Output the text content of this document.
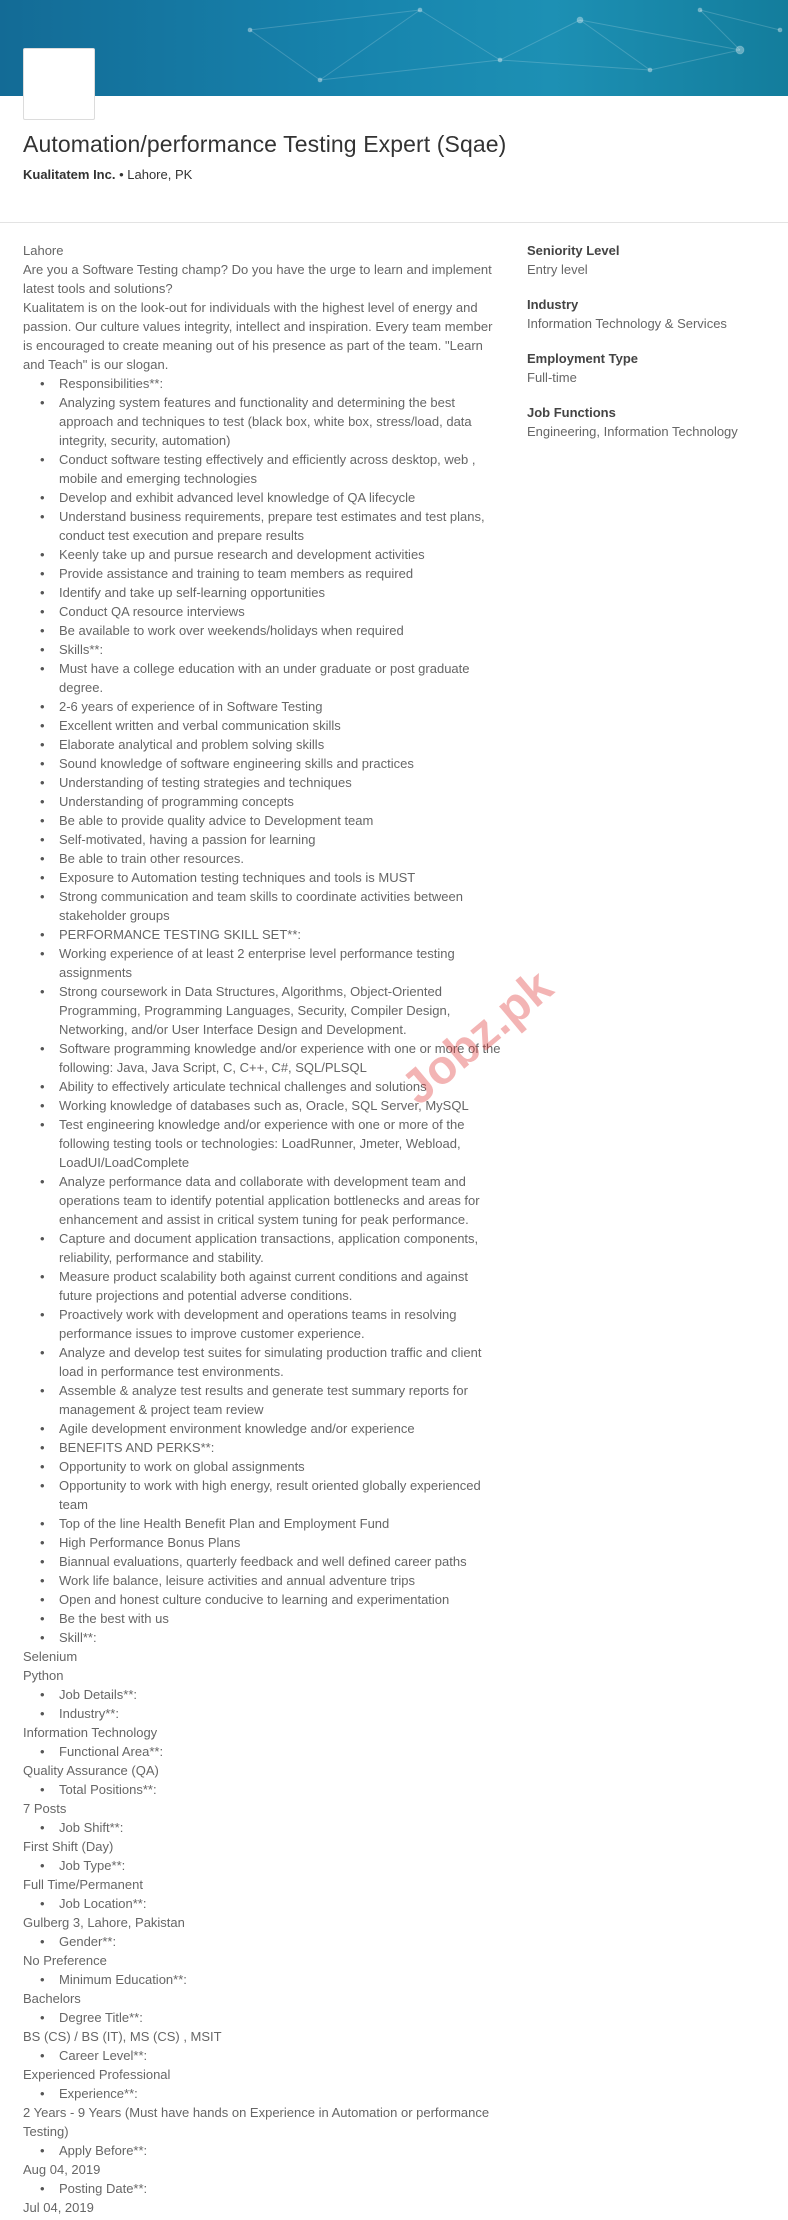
Automation/performance Testing Expert (Sqae)
Kualitatem Inc. • Lahore, PK

Lahore

Are you a Software Testing champ? Do you have the urge to learn and implement latest tools and solutions?

Kualitatem is on the look-out for individuals with the highest level of energy and passion. Our culture values integrity, intellect and inspiration. Every team member is encouraged to create meaning out of his presence as part of the team. "Learn and Teach" is our slogan.

•	Responsibilities**:
•	Analyzing system features and functionality and determining the best approach and techniques to test (black box, white box, stress/load, data integrity, security, automation)
•	Conduct software testing effectively and efficiently across desktop, web , mobile and emerging technologies
•	Develop and exhibit advanced level knowledge of QA lifecycle
•	Understand business requirements, prepare test estimates and test plans, conduct test execution and prepare results
•	Keenly take up and pursue research and development activities
•	Provide assistance and training to team members as required
•	Identify and take up self-learning opportunities
•	Conduct QA resource interviews
•	Be available to work over weekends/holidays when required
•	Skills**:
•	Must have a college education with an under graduate or post graduate degree.
•	2-6 years of experience of in Software Testing
•	Excellent written and verbal communication skills
•	Elaborate analytical and problem solving skills
•	Sound knowledge of software engineering skills and practices
•	Understanding of testing strategies and techniques
•	Understanding of programming concepts
•	Be able to provide quality advice to Development team
•	Self-motivated, having a passion for learning
•	Be able to train other resources.
•	Exposure to Automation testing techniques and tools is MUST
•	Strong communication and team skills to coordinate activities between stakeholder groups
•	PERFORMANCE TESTING SKILL SET**:
•	Working experience of at least 2 enterprise level performance testing assignments
•	Strong coursework in Data Structures, Algorithms, Object-Oriented Programming, Programming Languages, Security, Compiler Design, Networking, and/or User Interface Design and Development.
•	Software programming knowledge and/or experience with one or more of the following: Java, Java Script, C, C++, C#, SQL/PLSQL
•	Ability to effectively articulate technical challenges and solutions
•	Working knowledge of databases such as, Oracle, SQL Server, MySQL
•	Test engineering knowledge and/or experience with one or more of the following testing tools or technologies: LoadRunner, Jmeter, Webload, LoadUI/LoadComplete
•	Analyze performance data and collaborate with development team and operations team to identify potential application bottlenecks and areas for enhancement and assist in critical system tuning for peak performance.
•	Capture and document application transactions, application components, reliability, performance and stability.
•	Measure product scalability both against current conditions and against future projections and potential adverse conditions.
•	Proactively work with development and operations teams in resolving performance issues to improve customer experience.
•	Analyze and develop test suites for simulating production traffic and client load in performance test environments.
•	Assemble & analyze test results and generate test summary reports for management & project team review
•	Agile development environment knowledge and/or experience
•	BENEFITS AND PERKS**:
•	Opportunity to work on global assignments
•	Opportunity to work with high energy, result oriented globally experienced team
•	Top of the line Health Benefit Plan and Employment Fund
•	High Performance Bonus Plans
•	Biannual evaluations, quarterly feedback and well defined career paths
•	Work life balance, leisure activities and annual adventure trips
•	Open and honest culture conducive to learning and experimentation
•	Be the best with us
•	Skill**:

Selenium

Python

•	Job Details**:
•	Industry**:

Information Technology

•	Functional Area**:

Quality Assurance (QA)

•	Total Positions**:

7 Posts

•	Job Shift**:

First Shift (Day)

•	Job Type**:

Full Time/Permanent

•	Job Location**:

Gulberg 3, Lahore, Pakistan

•	Gender**:

No Preference

•	Minimum Education**:

Bachelors

•	Degree Title**:

BS (CS) / BS (IT), MS (CS) , MSIT

•	Career Level**:

Experienced Professional

•	Experience**:

2 Years - 9 Years (Must have hands on Experience in Automation or performance Testing)

•	Apply Before**:

Aug 04, 2019

•	Posting Date**:

Jul 04, 2019

Seniority Level
Entry level
Industry
Information Technology & Services
Employment Type
Full-time
Job Functions
Engineering, Information Technology
Jobz.pk
